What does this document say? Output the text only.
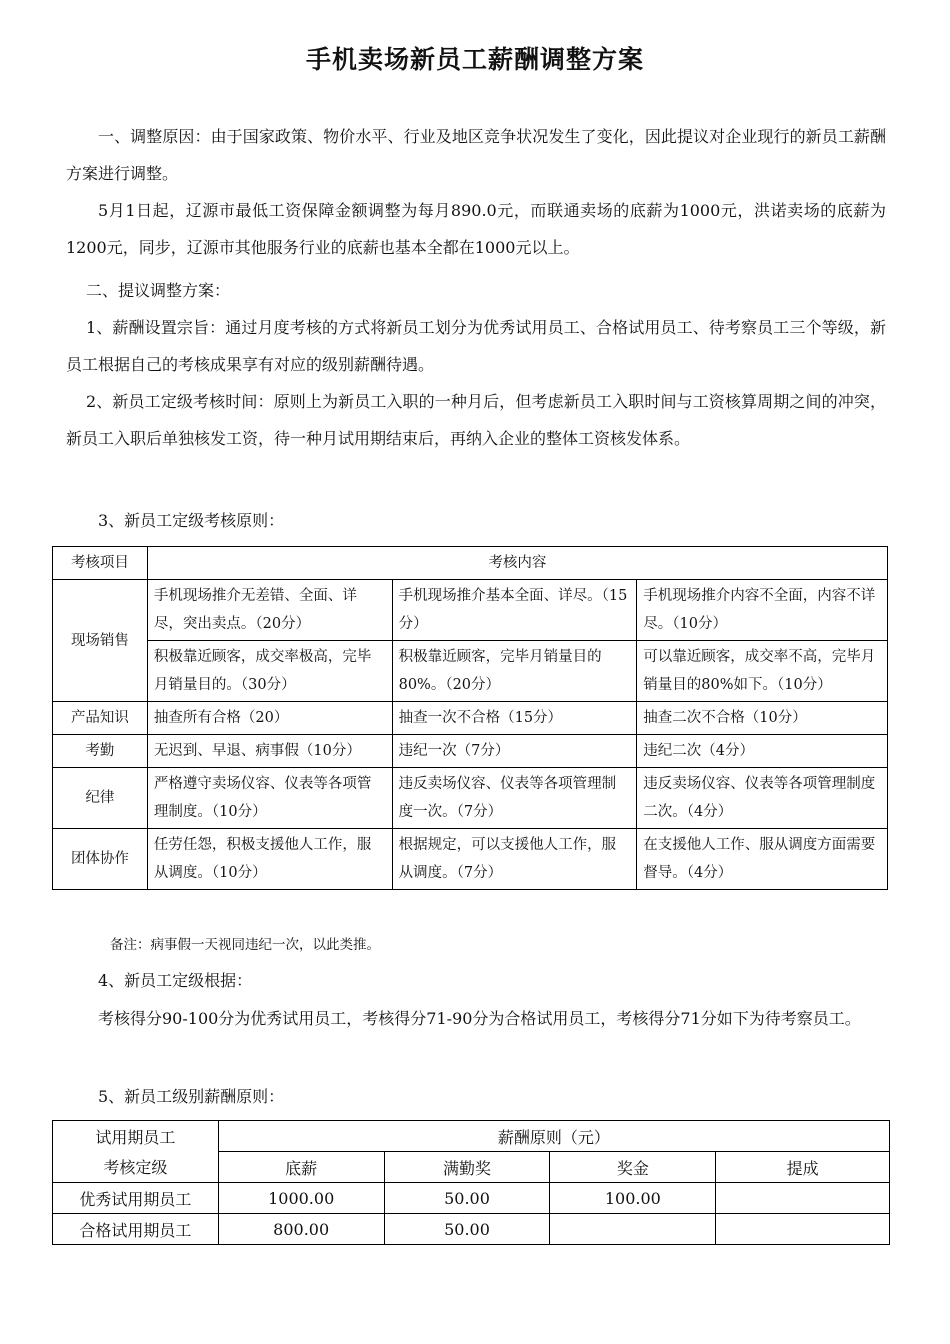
手机卖场新员工薪酬调整方案
一、调整原因：由于国家政策、物价水平、行业及地区竞争状况发生了变化，因此提议对企业现行的新员工薪酬方案进行调整。
5月1日起，辽源市最低工资保障金额调整为每月890.0元，而联通卖场的底薪为1000元，洪诺卖场的底薪为1200元，同步，辽源市其他服务行业的底薪也基本全都在1000元以上。
二、提议调整方案：
1、薪酬设置宗旨：通过月度考核的方式将新员工划分为优秀试用员工、合格试用员工、待考察员工三个等级，新员工根据自己的考核成果享有对应的级别薪酬待遇。
2、新员工定级考核时间：原则上为新员工入职的一种月后，但考虑新员工入职时间与工资核算周期之间的冲突，新员工入职后单独核发工资，待一种月试用期结束后，再纳入企业的整体工资核发体系。
3、新员工定级考核原则：
考核项目	考核内容		
现场销售	手机现场推介无差错、全面、详尽，突出卖点。（20分）	手机现场推介基本全面、详尽。（15分）	手机现场推介内容不全面，内容不详尽。（10分）
	积极靠近顾客，成交率极高，完毕月销量目的。（30分）	积极靠近顾客，完毕月销量目的80%。（20分）	可以靠近顾客，成交率不高，完毕月销量目的80%如下。（10分）
产品知识	抽查所有合格（20）	抽查一次不合格（15分）	抽查二次不合格（10分）
考勤	无迟到、早退、病事假（10分）	违纪一次（7分）	违纪二次（4分）
纪律	严格遵守卖场仪容、仪表等各项管理制度。（10分）	违反卖场仪容、仪表等各项管理制度一次。（7分）	违反卖场仪容、仪表等各项管理制度二次。（4分）
团体协作	任劳任怨，积极支援他人工作，服从调度。（10分）	根据规定，可以支援他人工作，服从调度。（7分）	在支援他人工作、服从调度方面需要督导。（4分）
备注：病事假一天视同违纪一次，以此类推。
4、新员工定级根据：
考核得分90-100分为优秀试用员工，考核得分71-90分为合格试用员工，考核得分71分如下为待考察员工。
5、新员工级别薪酬原则：
试用期员工	薪酬原则（元）			
考核定级	底薪	满勤奖	奖金	提成
优秀试用期员工	1000.00	50.00	100.00	
合格试用期员工	800.00	50.00		
